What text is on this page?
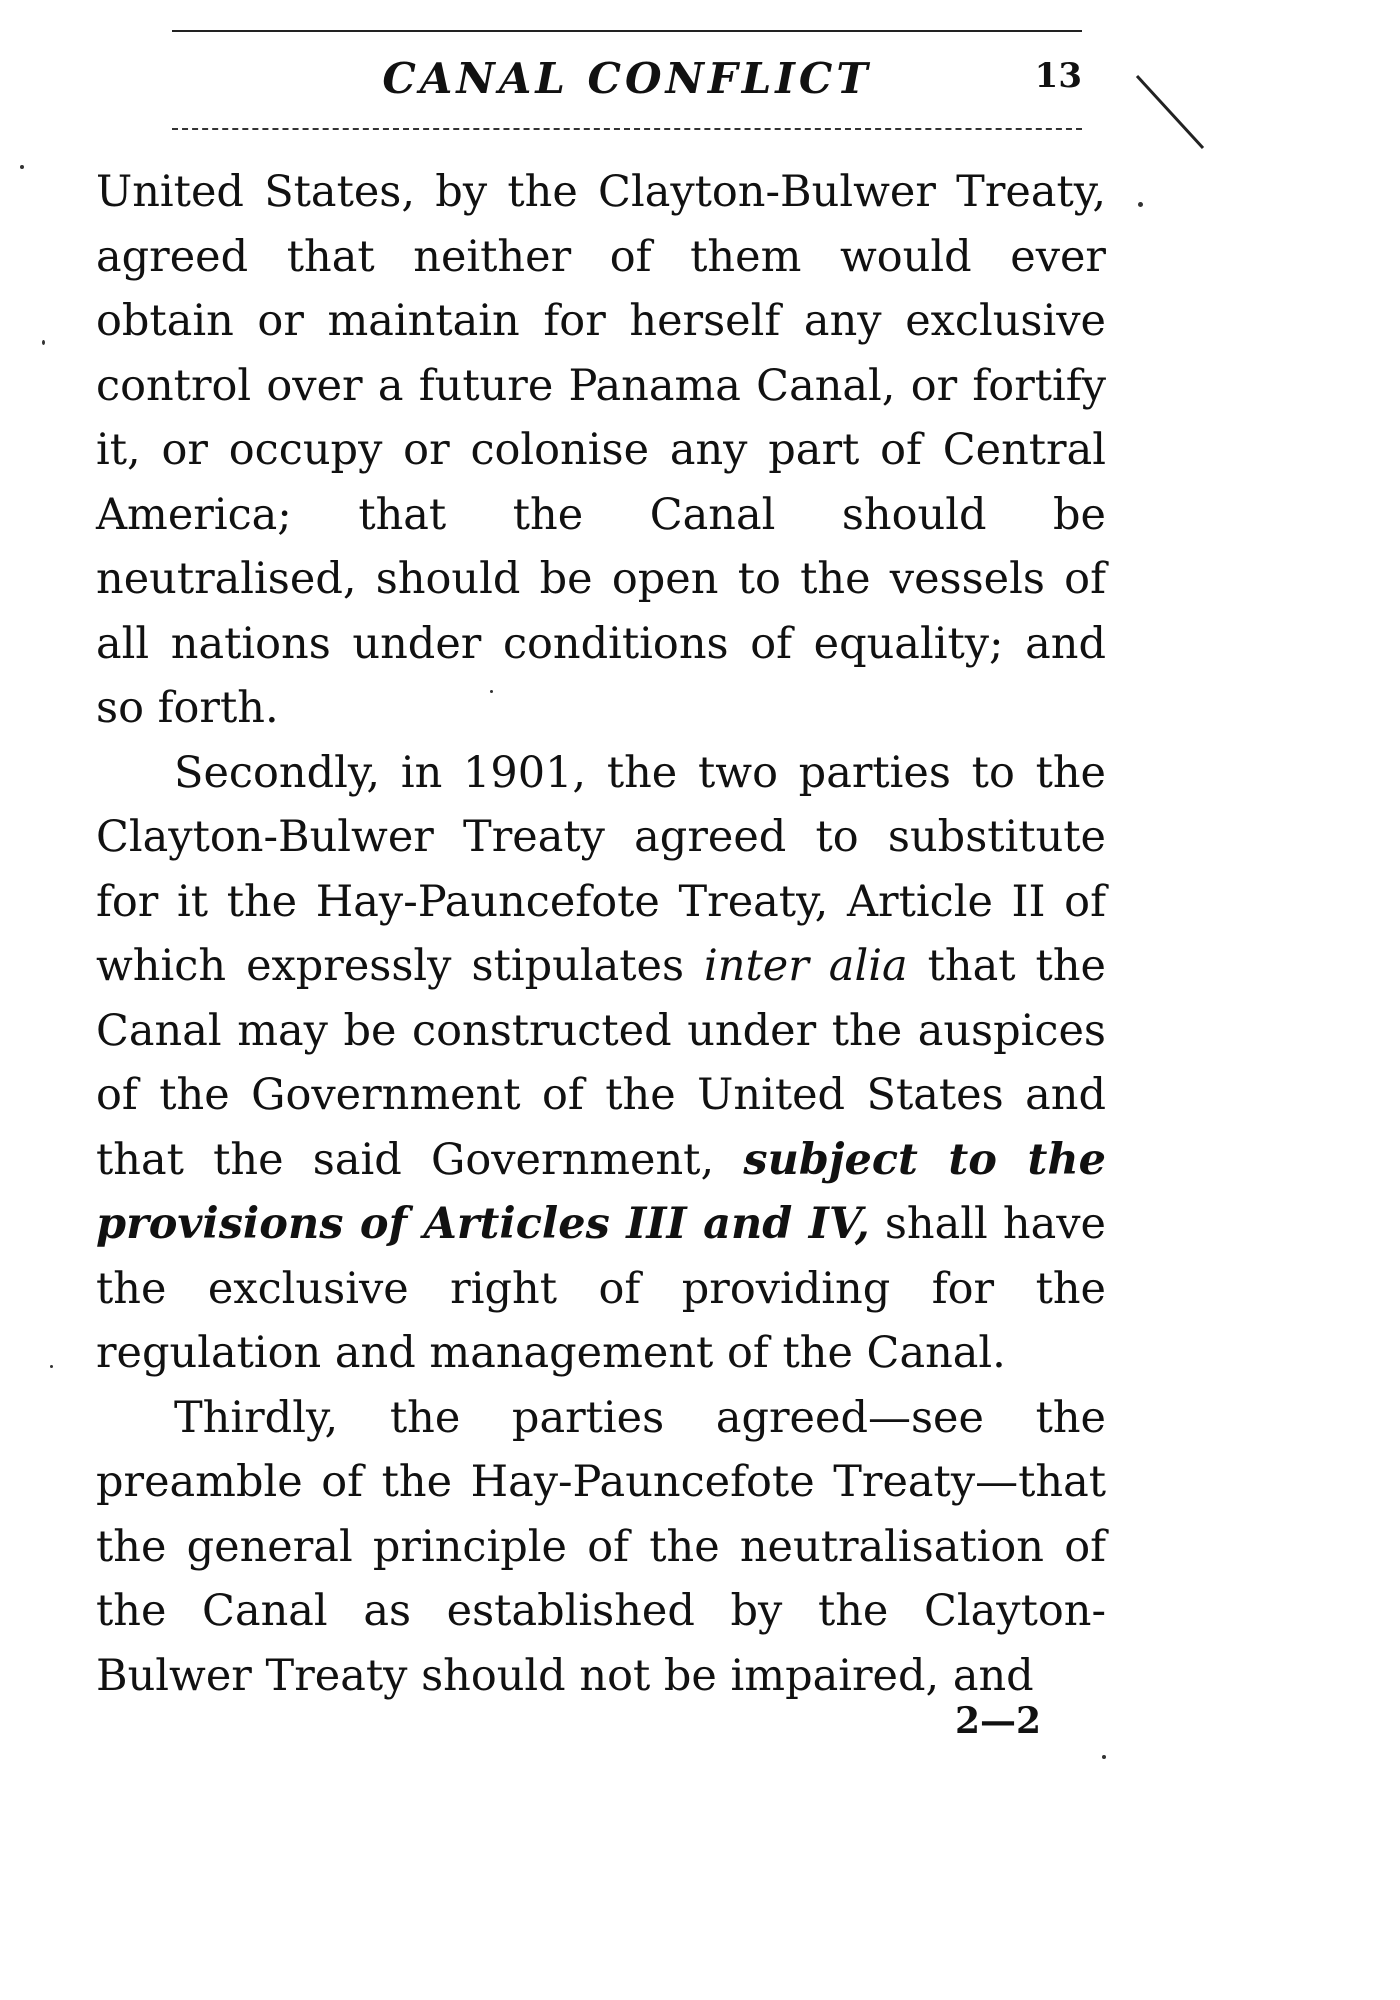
CANAL CONFLICT	13

United States, by the Clayton-Bulwer Treaty, agreed that neither of them would ever obtain or maintain for herself any exclusive control over a future Panama Canal, or fortify it, or occupy or colonise any part of Central America; that the Canal should be neutralised, should be open to the vessels of all nations under conditions of equality; and so forth.

Secondly, in 1901, the two parties to the Clayton-Bulwer Treaty agreed to substitute for it the Hay-Pauncefote Treaty, Article II of which expressly stipulates inter alia that the Canal may be constructed under the auspices of the Government of the United States and that the said Government, subject to the provisions of Articles III and IV, shall have the exclusive right of providing for the regulation and management of the Canal.

Thirdly, the parties agreed—see the preamble of the Hay-Pauncefote Treaty—that the general principle of the neutralisation of the Canal as established by the Clayton-Bulwer Treaty should not be impaired, and

2—2
